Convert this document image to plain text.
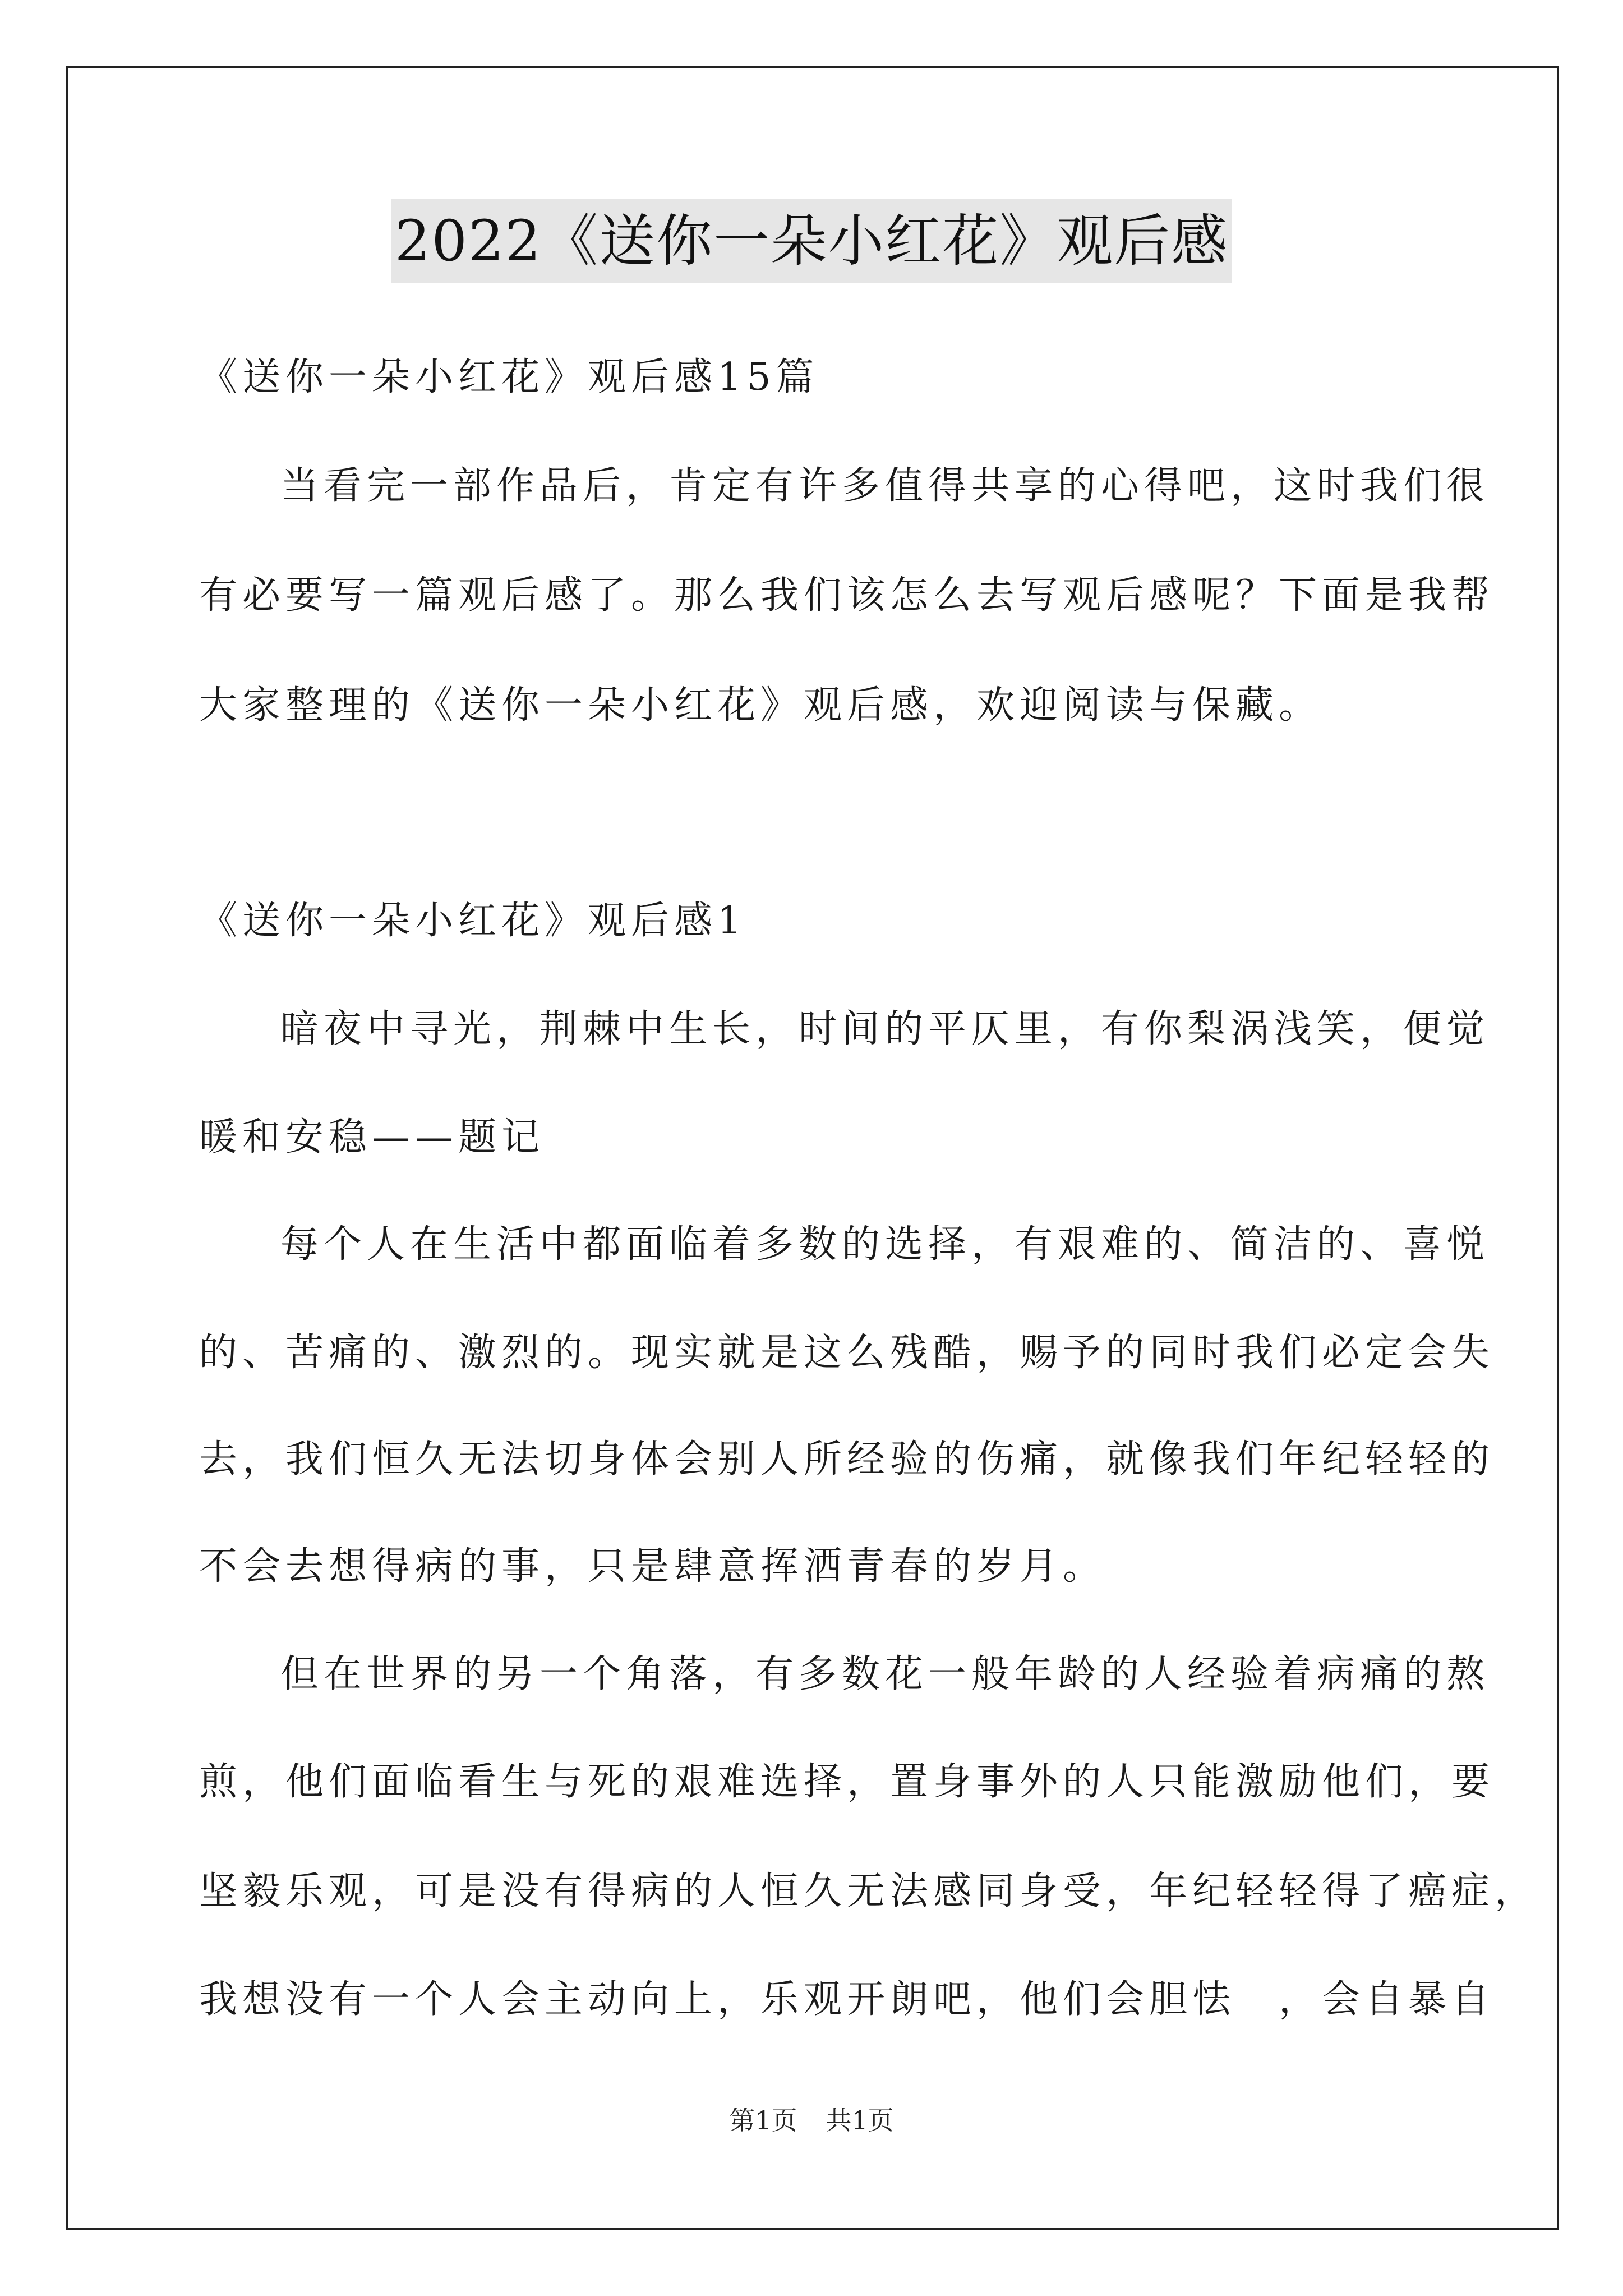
2022《送你一朵小红花》观后感
《送你一朵小红花》观后感15篇
当看完一部作品后，肯定有许多值得共享的心得吧，这时我们很
有必要写一篇观后感了。那么我们该怎么去写观后感呢？下面是我帮
大家整理的《送你一朵小红花》观后感，欢迎阅读与保藏。
《送你一朵小红花》观后感1
暗夜中寻光，荆棘中生长，时间的平仄里，有你梨涡浅笑，便觉
暖和安稳——题记
每个人在生活中都面临着多数的选择，有艰难的、简洁的、喜悦
的、苦痛的、激烈的。现实就是这么残酷，赐予的同时我们必定会失
去，我们恒久无法切身体会别人所经验的伤痛，就像我们年纪轻轻的
不会去想得病的事，只是肆意挥洒青春的岁月。
但在世界的另一个角落，有多数花一般年龄的人经验着病痛的熬
煎，他们面临看生与死的艰难选择，置身事外的人只能激励他们，要
坚毅乐观，可是没有得病的人恒久无法感同身受，年纪轻轻得了癌症，
我想没有一个人会主动向上，乐观开朗吧，他们会胆怯　，会自暴自
第1页 共1页
